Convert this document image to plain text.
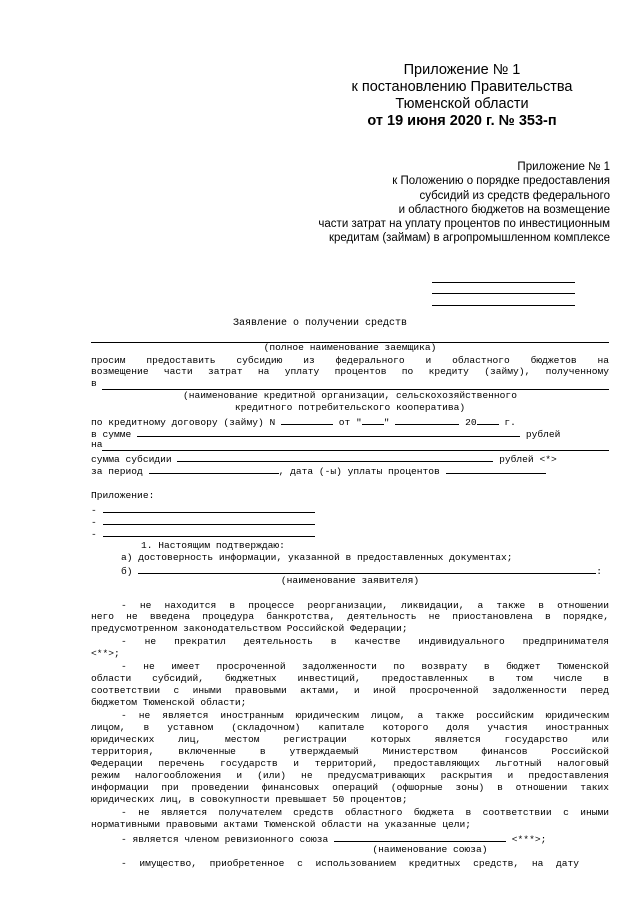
Приложение № 1
к постановлению Правительства
Тюменской области
от 19 июня 2020 г. № 353-п
Приложение № 1
к Положению о порядке предоставления
субсидий из средств федерального
и областного бюджетов на возмещение
части затрат на уплату процентов по инвестиционным
кредитам (займам) в агропромышленном комплексе
Заявление о получении средств
(полное наименование заемщика)
просим предоставить субсидию из федерального и областного бюджетов на
возмещение части затрат на уплату процентов по кредиту (займу), полученному
в
(наименование кредитной организации, сельскохозяйственного
кредитного потребительского кооператива)
по кредитному договору (займу) N	от " "	20	г.
в сумме	рублей
на
сумма субсидии	рублей <*>
за период	, дата (-ы) уплаты процентов
Приложение:
-
-
-
1. Настоящим подтверждаю:
а) достоверность информации, указанной в предоставленных документах;
б)	:
(наименование заявителя)
- не находится в процессе реорганизации, ликвидации, а также в отношении
него не введена процедура банкротства, деятельность не приостановлена в порядке,
предусмотренном законодательством Российской Федерации;
- не прекратил деятельность в качестве индивидуального предпринимателя
<**>;
- не имеет просроченной задолженности по возврату в бюджет Тюменской
области субсидий, бюджетных инвестиций, предоставленных в том числе в
соответствии с иными правовыми актами, и иной просроченной задолженности перед
бюджетом Тюменской области;
- не является иностранным юридическим лицом, а также российским юридическим
лицом, в уставном (складочном) капитале которого доля участия иностранных
юридических лиц, местом регистрации которых является государство или
территория, включенные в утверждаемый Министерством финансов Российской
Федерации перечень государств и территорий, предоставляющих льготный налоговый
режим налогообложения и (или) не предусматривающих раскрытия и предоставления
информации при проведении финансовых операций (офшорные зоны) в отношении таких
юридических лиц, в совокупности превышает 50 процентов;
- не является получателем средств областного бюджета в соответствии с иными
нормативными правовыми актами Тюменской области на указанные цели;
- является членом ревизионного союза	<***>;
(наименование союза)
- имущество, приобретенное с использованием кредитных средств, на дату
